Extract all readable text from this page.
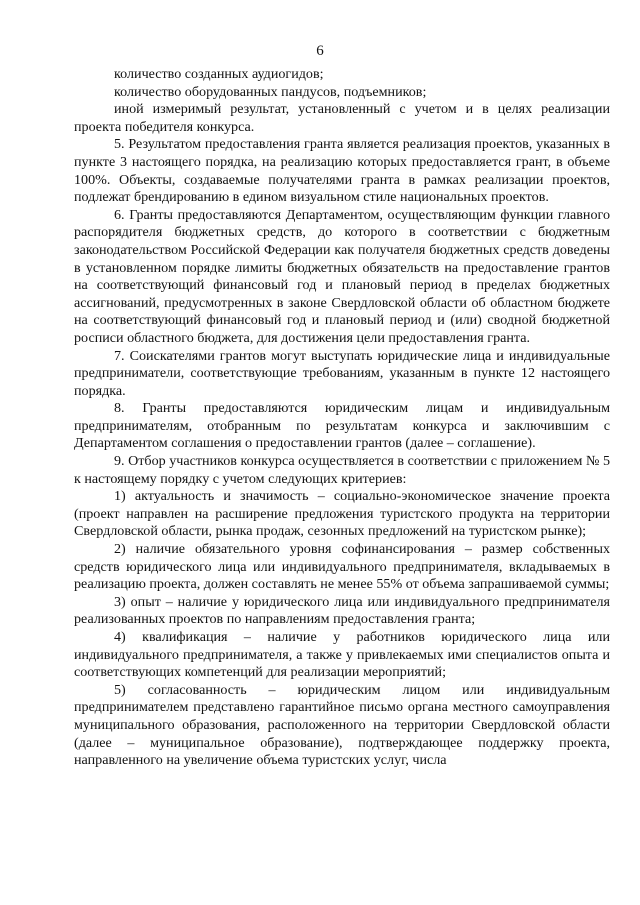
6

количество созданных аудиогидов;

количество оборудованных пандусов, подъемников;

иной измеримый результат, установленный с учетом и в целях реализации проекта победителя конкурса.

5. Результатом предоставления гранта является реализация проектов, указанных в пункте 3 настоящего порядка, на реализацию которых предоставляется грант, в объеме 100%. Объекты, создаваемые получателями гранта в рамках реализации проектов, подлежат брендированию в едином визуальном стиле национальных проектов.

6. Гранты предоставляются Департаментом, осуществляющим функции главного распорядителя бюджетных средств, до которого в соответствии с бюджетным законодательством Российской Федерации как получателя бюджетных средств доведены в установленном порядке лимиты бюджетных обязательств на предоставление грантов на соответствующий финансовый год и плановый период в пределах бюджетных ассигнований, предусмотренных в законе Свердловской области об областном бюджете на соответствующий финансовый год и плановый период и (или) сводной бюджетной росписи областного бюджета, для достижения цели предоставления гранта.

7. Соискателями грантов могут выступать юридические лица и индивидуальные предприниматели, соответствующие требованиям, указанным в пункте 12 настоящего порядка.

8. Гранты предоставляются юридическим лицам и индивидуальным предпринимателям, отобранным по результатам конкурса и заключившим с Департаментом соглашения о предоставлении грантов (далее – соглашение).

9. Отбор участников конкурса осуществляется в соответствии с приложением № 5 к настоящему порядку с учетом следующих критериев:

1) актуальность и значимость – социально-экономическое значение проекта (проект направлен на расширение предложения туристского продукта на территории Свердловской области, рынка продаж, сезонных предложений на туристском рынке);

2) наличие обязательного уровня софинансирования – размер собственных средств юридического лица или индивидуального предпринимателя, вкладываемых в реализацию проекта, должен составлять не менее 55% от объема запрашиваемой суммы;

3) опыт – наличие у юридического лица или индивидуального предпринимателя реализованных проектов по направлениям предоставления гранта;

4) квалификация – наличие у работников юридического лица или индивидуального предпринимателя, а также у привлекаемых ими специалистов опыта и соответствующих компетенций для реализации мероприятий;

5) согласованность – юридическим лицом или индивидуальным предпринимателем представлено гарантийное письмо органа местного самоуправления муниципального образования, расположенного на территории Свердловской области (далее – муниципальное образование), подтверждающее поддержку проекта, направленного на увеличение объема туристских услуг, числа
